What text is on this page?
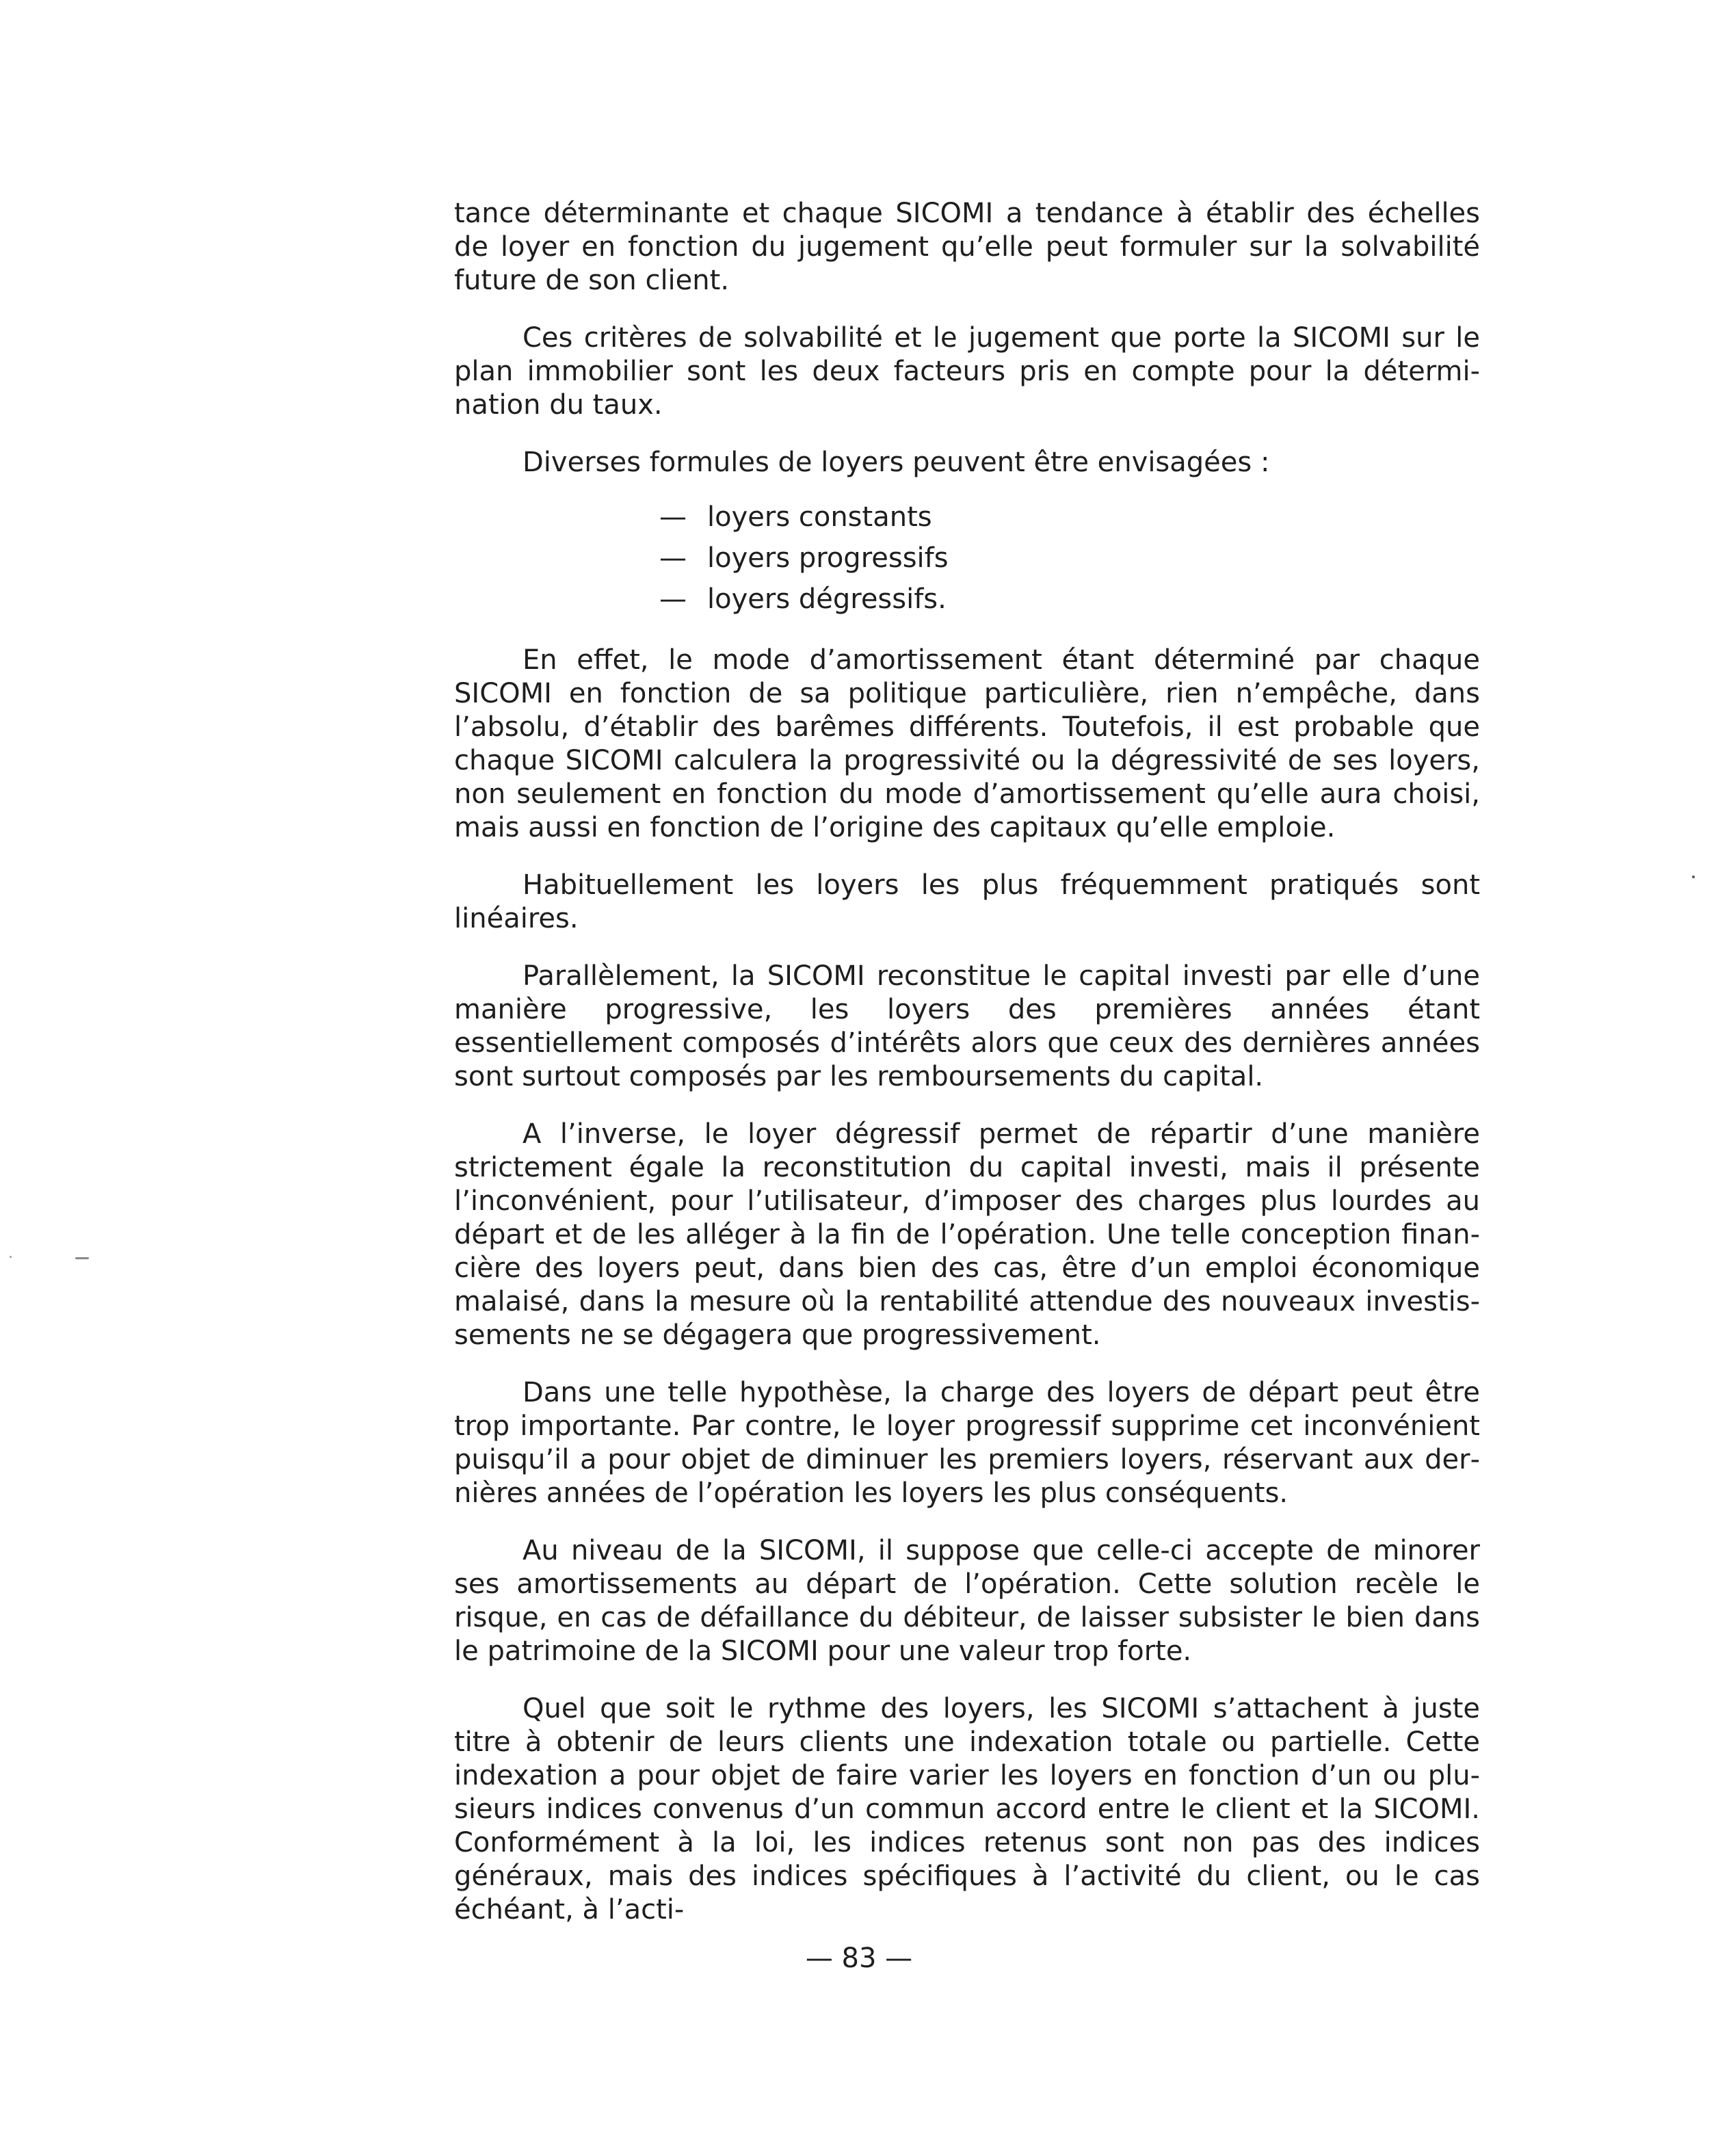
tance déterminante et chaque SICOMI a tendance à établir des échelles de loyer en fonction du jugement qu’elle peut formuler sur la solvabilité future de son client.

Ces critères de solvabilité et le jugement que porte la SICOMI sur le plan immobilier sont les deux facteurs pris en compte pour la détermination du taux.

Diverses formules de loyers peuvent être envisagées :

— loyers constants
— loyers progressifs
— loyers dégressifs.

En effet, le mode d’amortissement étant déterminé par chaque SICOMI en fonction de sa politique particulière, rien n’empêche, dans l’absolu, d’établir des barêmes différents. Toutefois, il est probable que chaque SICOMI calculera la progressivité ou la dégressivité de ses loyers, non seulement en fonction du mode d’amortissement qu’elle aura choisi, mais aussi en fonction de l’origine des capitaux qu’elle emploie.

Habituellement les loyers les plus fréquemment pratiqués sont linéaires.

Parallèlement, la SICOMI reconstitue le capital investi par elle d’une manière progressive, les loyers des premières années étant essentiellement composés d’intérêts alors que ceux des dernières années sont surtout composés par les remboursements du capital.

A l’inverse, le loyer dégressif permet de répartir d’une manière strictement égale la reconstitution du capital investi, mais il présente l’inconvénient, pour l’utilisateur, d’imposer des charges plus lourdes au départ et de les alléger à la fin de l’opération. Une telle conception financière des loyers peut, dans bien des cas, être d’un emploi économique malaisé, dans la mesure où la rentabilité attendue des nouveaux investissements ne se dégagera que progressivement.

Dans une telle hypothèse, la charge des loyers de départ peut être trop importante. Par contre, le loyer progressif supprime cet inconvénient puisqu’il a pour objet de diminuer les premiers loyers, réservant aux dernières années de l’opération les loyers les plus conséquents.

Au niveau de la SICOMI, il suppose que celle-ci accepte de minorer ses amortissements au départ de l’opération. Cette solution recèle le risque, en cas de défaillance du débiteur, de laisser subsister le bien dans le patrimoine de la SICOMI pour une valeur trop forte.

Quel que soit le rythme des loyers, les SICOMI s’attachent à juste titre à obtenir de leurs clients une indexation totale ou partielle. Cette indexation a pour objet de faire varier les loyers en fonction d’un ou plusieurs indices convenus d’un commun accord entre le client et la SICOMI. Conformément à la loi, les indices retenus sont non pas des indices généraux, mais des indices spécifiques à l’activité du client, ou le cas échéant, à l’acti-

— 83 —
